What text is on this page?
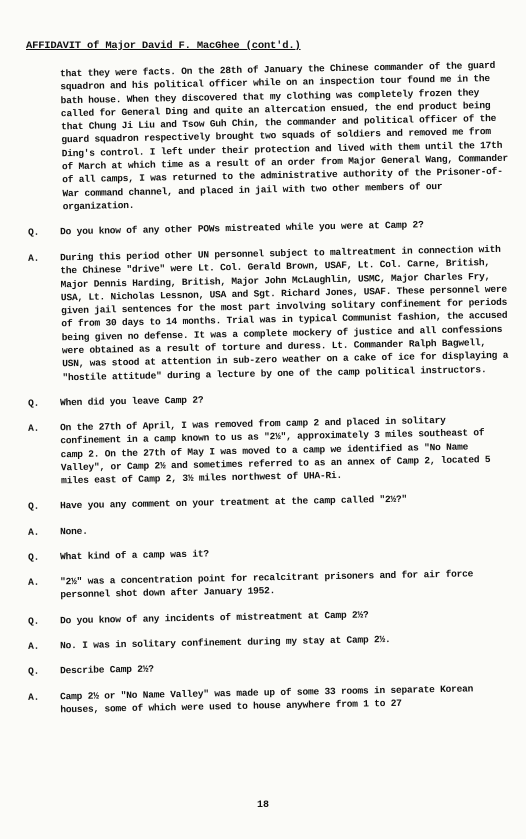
AFFIDAVIT of Major David F. MacGhee (cont'd.)
that they were facts. On the 28th of January the Chinese commander of the guard squadron and his political officer while on an inspection tour found me in the bath house. When they discovered that my clothing was completely frozen they called for General Ding and quite an altercation ensued, the end product being that Chung Ji Liu and Tsow Guh Chin, the commander and political officer of the guard squadron respectively brought two squads of soldiers and removed me from Ding's control. I left under their protection and lived with them until the 17th of March at which time as a result of an order from Major General Wang, Commander of all camps, I was returned to the administrative authority of the Prisoner-of-War command channel, and placed in jail with two other members of our organization.
Q.	Do you know of any other POWs mistreated while you were at Camp 2?
A.	During this period other UN personnel subject to maltreatment in connection with the Chinese "drive" were Lt. Col. Gerald Brown, USAF, Lt. Col. Carne, British, Major Dennis Harding, British, Major John McLaughlin, USMC, Major Charles Fry, USA, Lt. Nicholas Lessnon, USA and Sgt. Richard Jones, USAF. These personnel were given jail sentences for the most part involving solitary confinement for periods of from 30 days to 14 months. Trial was in typical Communist fashion, the accused being given no defense. It was a complete mockery of justice and all confessions were obtained as a result of torture and duress. Lt. Commander Ralph Bagwell, USN, was stood at attention in sub-zero weather on a cake of ice for displaying a "hostile attitude" during a lecture by one of the camp political instructors.
Q.	When did you leave Camp 2?
A.	On the 27th of April, I was removed from camp 2 and placed in solitary confinement in a camp known to us as "2½", approximately 3 miles southeast of camp 2. On the 27th of May I was moved to a camp we identified as "No Name Valley", or Camp 2½ and sometimes referred to as an annex of Camp 2, located 5 miles east of Camp 2, 3½ miles northwest of UHA-Ri.
Q.	Have you any comment on your treatment at the camp called "2½?"
A.	None.
Q.	What kind of a camp was it?
A.	"2½" was a concentration point for recalcitrant prisoners and for air force personnel shot down after January 1952.
Q.	Do you know of any incidents of mistreatment at Camp 2½?
A.	No. I was in solitary confinement during my stay at Camp 2½.
Q.	Describe Camp 2½?
A.	Camp 2½ or "No Name Valley" was made up of some 33 rooms in separate Korean houses, some of which were used to house anywhere from 1 to 27
18
